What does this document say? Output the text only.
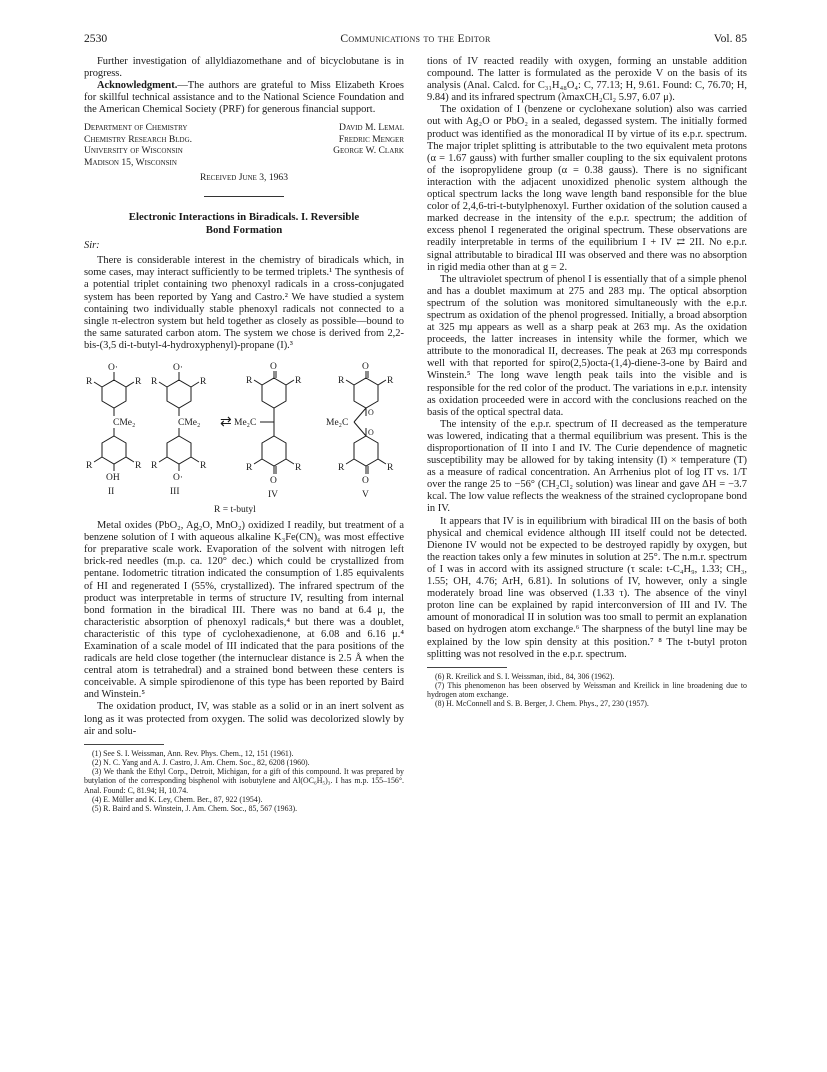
2530	Communications to the Editor	Vol. 85

Further investigation of allyldiazomethane and of bicyclobutane is in progress.

Acknowledgment.—The authors are grateful to Miss Elizabeth Kroes for skillful technical assistance and to the National Science Foundation and the American Chemical Society (PRF) for generous financial support.

Department of Chemistry
Chemistry Research Bldg.
University of Wisconsin
Madison 15, Wisconsin
David M. Lemal
Fredric Menger
George W. Clark
Received June 3, 1963
Electronic Interactions in Biradicals. I. Reversible
Bond Formation

Sir:

There is considerable interest in the chemistry of biradicals which, in some cases, may interact sufficiently to be termed triplets.¹ The synthesis of a potential triplet containing two phenoxyl radicals in a cross-conjugated system has been reported by Yang and Castro.² We have studied a system containing two individually stable phenoxyl radicals not connected to a single π-electron system but held together as closely as possible—bound to the same saturated carbon atom. The system we chose is derived from 2,2-bis-(3,5 di-t-butyl-4-hydroxyphenyl)-propane (I).³

O·
R	R
CMe₂
R	R
OH
II
O·
R	R
CMe₂
R	R
O·
III
⇄
O
R	R
Me₂C
R	R
O
IV
O
R	R
Me₂C
O
O
R	R
O
V
R = t-butyl

Metal oxides (PbO₂, Ag₂O, MnO₂) oxidized I readily, but treatment of a benzene solution of I with aqueous alkaline K₃Fe(CN)₆ was most effective for preparative scale work. Evaporation of the solvent with nitrogen left brick-red needles (m.p. ca. 120° dec.) which could be crystallized from pentane. Iodometric titration indicated the consumption of 1.85 equivalents of HI and regenerated I (55%, crystallized). The infrared spectrum of the product was interpretable in terms of structure IV, resulting from internal bond formation in the biradical III. There was no band at 6.4 μ, the characteristic absorption of phenoxyl radicals,⁴ but there was a doublet, characteristic of this type of cyclohexadienone, at 6.08 and 6.16 μ.⁴ Examination of a scale model of III indicated that the para positions of the radicals are held close together (the internuclear distance is 2.5 Å when the central atom is tetrahedral) and a strained bond between these centers is conceivable. A simple spirodienone of this type has been reported by Baird and Winstein.⁵

The oxidation product, IV, was stable as a solid or in an inert solvent as long as it was protected from oxygen. The solid was decolorized slowly by air and solu-

(1) See S. I. Weissman, Ann. Rev. Phys. Chem., 12, 151 (1961).

(2) N. C. Yang and A. J. Castro, J. Am. Chem. Soc., 82, 6208 (1960).

(3) We thank the Ethyl Corp., Detroit, Michigan, for a gift of this compound. It was prepared by butylation of the corresponding bisphenol with isobutylene and Al(OC₆H₅)₃. I has m.p. 155–156°. Anal. Found: C, 81.94; H, 10.74.

(4) E. Müller and K. Ley, Chem. Ber., 87, 922 (1954).

(5) R. Baird and S. Winstein, J. Am. Chem. Soc., 85, 567 (1963).

tions of IV reacted readily with oxygen, forming an unstable addition compound. The latter is formulated as the peroxide V on the basis of its analysis (Anal. Calcd. for C₃₁H₄₈O₄: C, 77.13; H, 9.61. Found: C, 76.70; H, 9.84) and its infrared spectrum (λmaxCH₂Cl₂ 5.97, 6.07 μ).

The oxidation of I (benzene or cyclohexane solution) also was carried out with Ag₂O or PbO₂ in a sealed, degassed system. The initially formed product was identified as the monoradical II by virtue of its e.p.r. spectrum. The major triplet splitting is attributable to the two equivalent meta protons (α = 1.67 gauss) with further smaller coupling to the six equivalent protons of the isopropylidene group (α = 0.38 gauss). There is no significant interaction with the adjacent unoxidized phenolic system although the optical spectrum lacks the long wave length band responsible for the blue color of 2,4,6-tri-t-butylphenoxyl. Further oxidation of the solution caused a marked decrease in the intensity of the e.p.r. spectrum; the addition of excess phenol I regenerated the original spectrum. These observations are readily interpretable in terms of the equilibrium I + IV ⇄ 2II. No e.p.r. signal attributable to biradical III was observed and there was no absorption in rigid media other than at g = 2.

The ultraviolet spectrum of phenol I is essentially that of a simple phenol and has a doublet maximum at 275 and 283 mμ. The optical absorption spectrum of the solution was monitored simultaneously with the e.p.r. spectrum as oxidation of the phenol progressed. Initially, a broad absorption at 325 mμ appears as well as a sharp peak at 263 mμ. As the oxidation proceeds, the latter increases in intensity while the former, which we attribute to the monoradical II, decreases. The peak at 263 mμ corresponds well with that reported for spiro(2,5)octa-(1,4)-diene-3-one by Baird and Winstein.⁵ The long wave length peak tails into the visible and is responsible for the red color of the product. The variations in e.p.r. intensity as oxidation proceeded were in accord with the conclusions reached on the basis of the optical spectral data.

The intensity of the e.p.r. spectrum of II decreased as the temperature was lowered, indicating that a thermal equilibrium was present. This is the disproportionation of II into I and IV. The Curie dependence of magnetic susceptibility may be allowed for by taking intensity (I) × temperature (T) as a measure of radical concentration. An Arrhenius plot of log IT vs. 1/T over the range 25 to −56° (CH₂Cl₂ solution) was linear and gave ΔH = −3.7 kcal. The low value reflects the weakness of the strained cyclopropane bond in IV.

It appears that IV is in equilibrium with biradical III on the basis of both physical and chemical evidence although III itself could not be detected. Dienone IV would not be expected to be destroyed rapidly by oxygen, but the reaction takes only a few minutes in solution at 25°. The n.m.r. spectrum of I was in accord with its assigned structure (τ scale: t-C₄H₉, 1.33; CH₃, 1.55; OH, 4.76; ArH, 6.81). In solutions of IV, however, only a single moderately broad line was observed (1.33 τ). The absence of the vinyl proton line can be explained by rapid interconversion of III and IV. The amount of monoradical II in solution was too small to permit an explanation based on hydrogen atom exchange.⁶ The sharpness of the butyl line may be explained by the low spin density at this position.⁷ ⁸ The t-butyl proton splitting was not resolved in the e.p.r. spectrum.

(6) R. Kreilick and S. I. Weissman, ibid., 84, 306 (1962).

(7) This phenomenon has been observed by Weissman and Kreilick in line broadening due to hydrogen atom exchange.

(8) H. McConnell and S. B. Berger, J. Chem. Phys., 27, 230 (1957).
